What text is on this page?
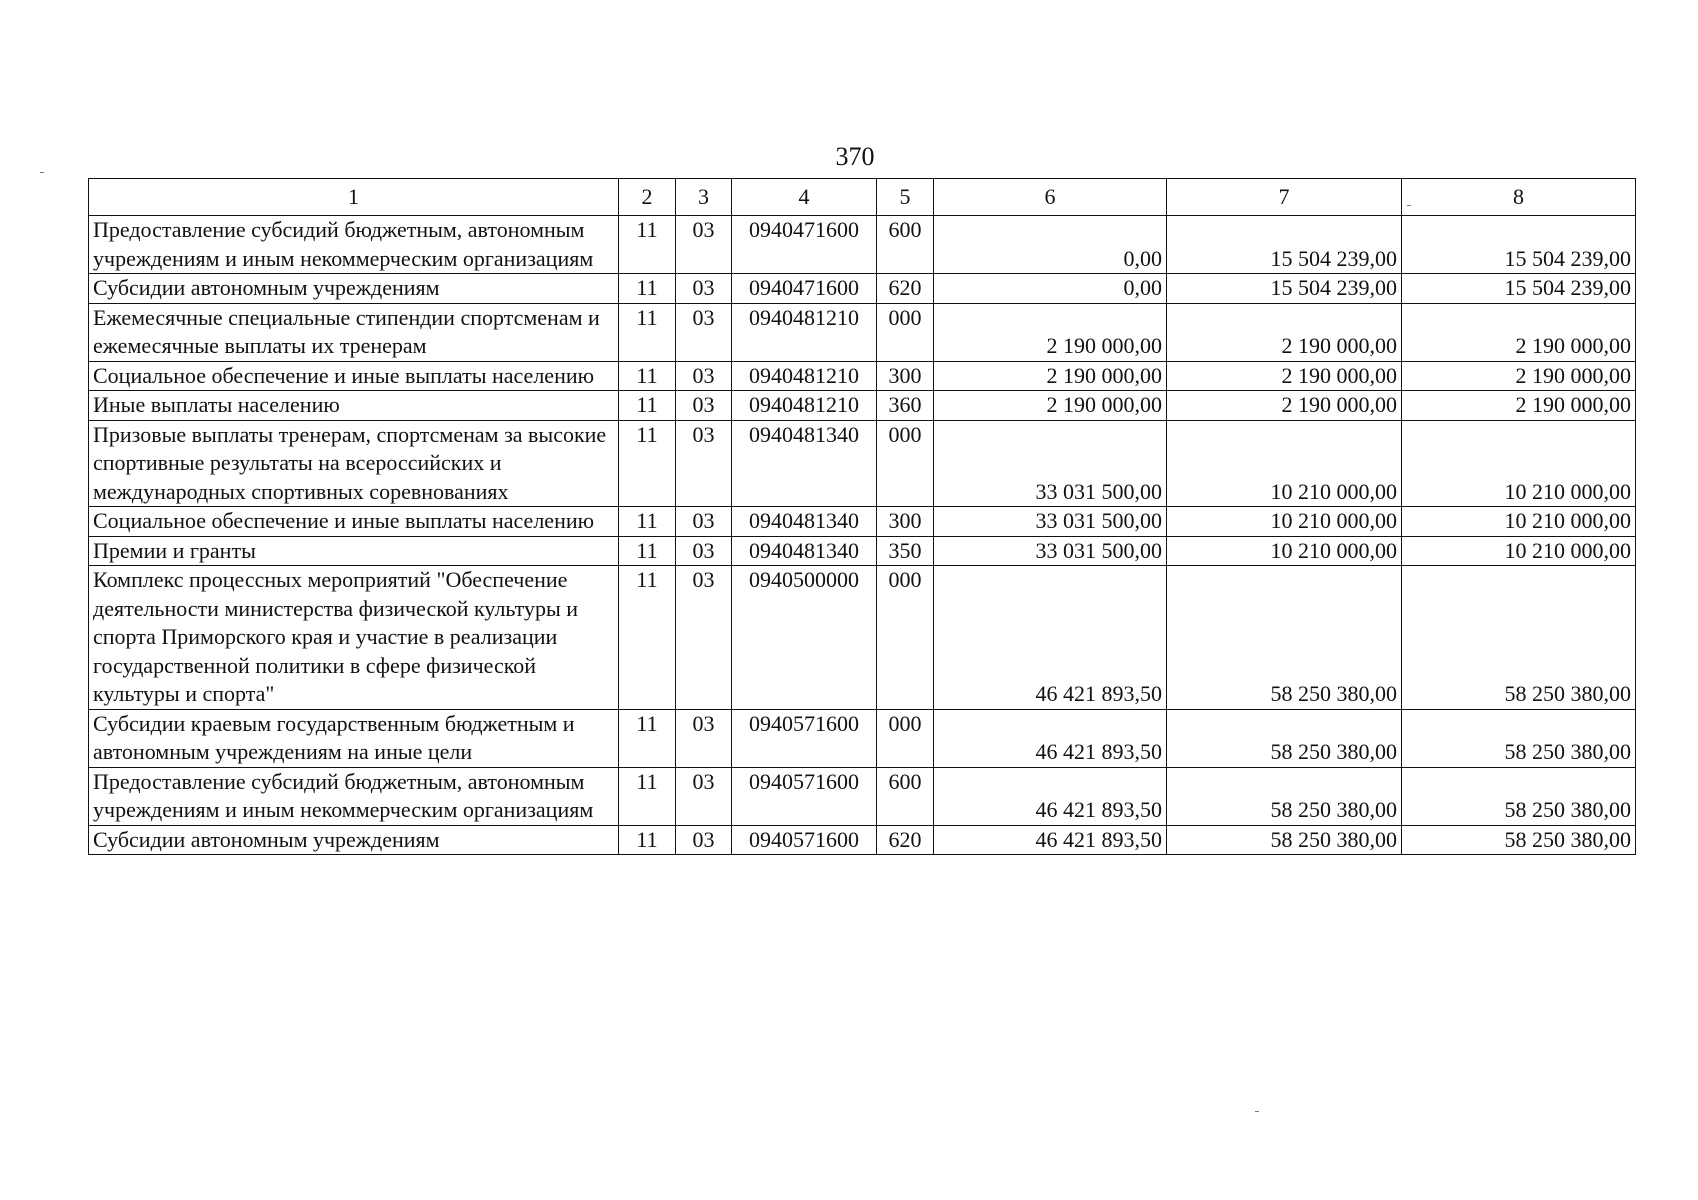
370
1	2	3	4	5	6	7	8
Предоставление субсидий бюджетным, автономным учреждениям и иным некоммерческим организациям	11	03	0940471600	600	0,00	15 504 239,00	15 504 239,00
Субсидии автономным учреждениям	11	03	0940471600	620	0,00	15 504 239,00	15 504 239,00
Ежемесячные специальные стипендии спортсменам и ежемесячные выплаты их тренерам	11	03	0940481210	000	2 190 000,00	2 190 000,00	2 190 000,00
Социальное обеспечение и иные выплаты населению	11	03	0940481210	300	2 190 000,00	2 190 000,00	2 190 000,00
Иные выплаты населению	11	03	0940481210	360	2 190 000,00	2 190 000,00	2 190 000,00
Призовые выплаты тренерам, спортсменам за высокие спортивные результаты на всероссийских и международных спортивных соревнованиях	11	03	0940481340	000	33 031 500,00	10 210 000,00	10 210 000,00
Социальное обеспечение и иные выплаты населению	11	03	0940481340	300	33 031 500,00	10 210 000,00	10 210 000,00
Премии и гранты	11	03	0940481340	350	33 031 500,00	10 210 000,00	10 210 000,00
Комплекс процессных мероприятий "Обеспечение деятельности министерства физической культуры и спорта Приморского края и участие в реализации государственной политики в сфере физической культуры и спорта"	11	03	0940500000	000	46 421 893,50	58 250 380,00	58 250 380,00
Субсидии краевым государственным бюджетным и автономным учреждениям на иные цели	11	03	0940571600	000	46 421 893,50	58 250 380,00	58 250 380,00
Предоставление субсидий бюджетным, автономным учреждениям и иным некоммерческим организациям	11	03	0940571600	600	46 421 893,50	58 250 380,00	58 250 380,00
Субсидии автономным учреждениям	11	03	0940571600	620	46 421 893,50	58 250 380,00	58 250 380,00
